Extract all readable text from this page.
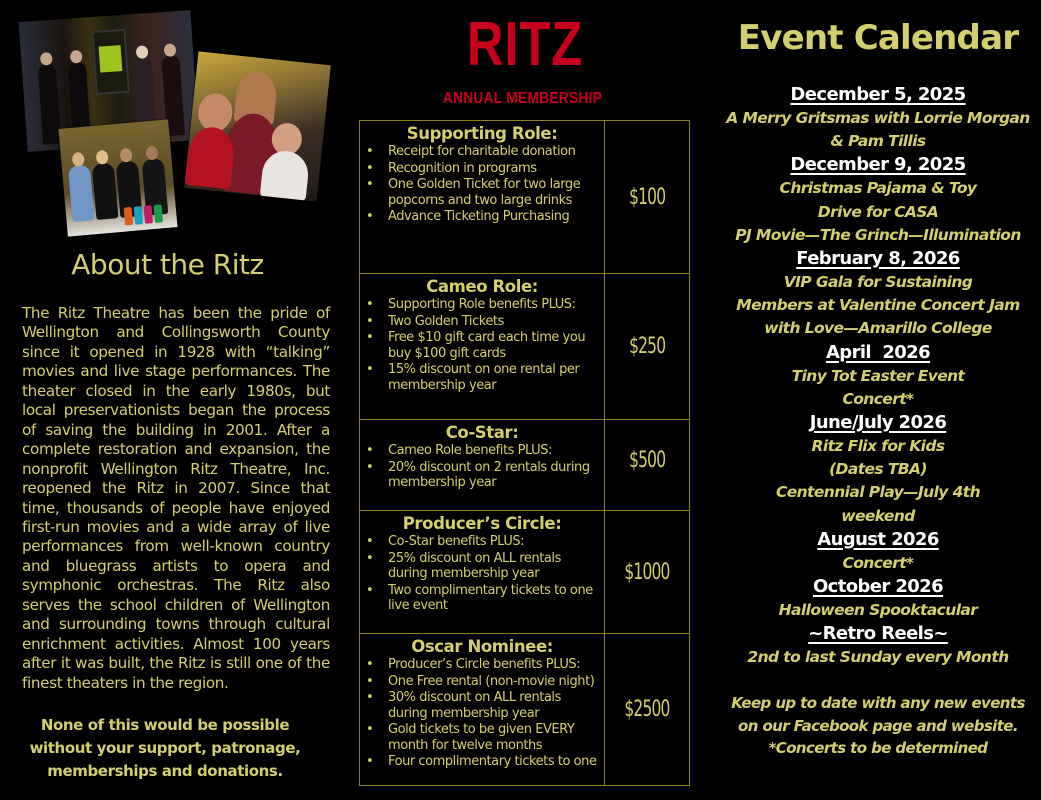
About the Ritz
The Ritz Theatre has been the pride of Wellington and Collingsworth County since it opened in 1928 with “talking” movies and live stage performances. The theater closed in the early 1980s, but local preservationists began the process of saving the building in 2001. After a complete restoration and expansion, the nonprofit Wellington Ritz Theatre, Inc. reopened the Ritz in 2007. Since that time, thousands of people have enjoyed first-run movies and a wide array of live performances from well-known country and bluegrass artists to opera and symphonic orchestras. The Ritz also serves the school children of Wellington and surrounding towns through cultural enrichment activities. Almost 100 years after it was built, the Ritz is still one of the finest theaters in the region.
None of this would be possible
without your support, patronage,
memberships and donations.
RITZ
ANNUAL MEMBERSHIP
Supporting Role:
• Receipt for charitable donation
• Recognition in programs
• One Golden Ticket for two large popcorns and two large drinks
• Advance Ticketing Purchasing
	$100

Cameo Role:
• Supporting Role benefits PLUS:
• Two Golden Tickets
• Free $10 gift card each time you buy $100 gift cards
• 15% discount on one rental per membership year
	$250

Co-Star:
• Cameo Role benefits PLUS:
• 20% discount on 2 rentals during membership year
	$500

Producer’s Circle:
• Co-Star benefits PLUS:
• 25% discount on ALL rentals during membership year
• Two complimentary tickets to one live event
	$1000

Oscar Nominee:
• Producer’s Circle benefits PLUS:
• One Free rental (non-movie night)
• 30% discount on ALL rentals during membership year
• Gold tickets to be given EVERY month for twelve months
• Four complimentary tickets to one
	$2500
Event Calendar
December 5, 2025
A Merry Gritsmas with Lorrie Morgan
& Pam Tillis
December 9, 2025
Christmas Pajama & Toy
Drive for CASA
PJ Movie—The Grinch—Illumination
February 8, 2026
VIP Gala for Sustaining
Members at Valentine Concert Jam
with Love—Amarillo College
April  2026
Tiny Tot Easter Event
Concert*
June/July 2026
Ritz Flix for Kids
(Dates TBA)
Centennial Play—July 4th
weekend
August 2026
Concert*
October 2026
Halloween Spooktacular
~Retro Reels~
2nd to last Sunday every Month
Keep up to date with any new events
on our Facebook page and website.
*Concerts to be determined
